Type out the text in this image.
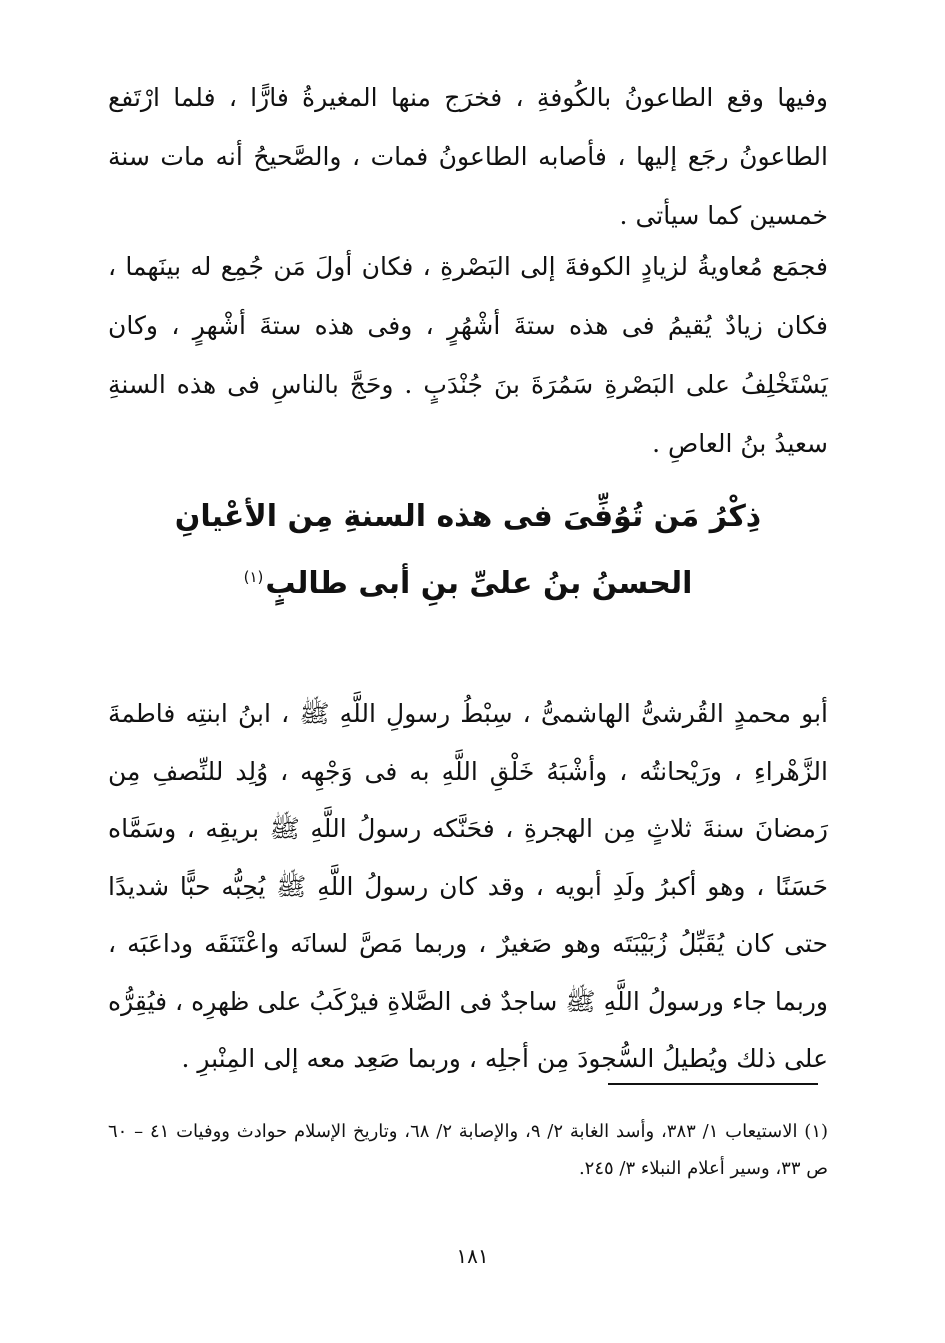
وفيها وقع الطاعونُ بالكُوفةِ ، فخرَج منها المغيرةُ فارًّا ، فلما ارْتَفع الطاعونُ رجَع إليها ، فأصابه الطاعونُ فمات ، والصَّحيحُ أنه مات سنة خمسين كما سيأتى .

فجمَع مُعاويةُ لزيادٍ الكوفةَ إلى البَصْرةِ ، فكان أولَ مَن جُمِع له بينَهما ، فكان زيادٌ يُقيمُ فى هذه ستةَ أشْهُرٍ ، وفى هذه ستةَ أشْهرٍ ، وكان يَسْتَخْلِفُ على البَصْرةِ سَمُرَةَ بنَ جُنْدَبٍ . وحَجَّ بالناسِ فى هذه السنةِ سعيدُ بنُ العاصِ .

ذِكْرُ مَن تُوُفِّىَ فى هذه السنةِ مِن الأعْيانِ
الحسنُ بنُ علىِّ بنِ أبى طالبٍ$^{(١)}$

أبو محمدٍ القُرشىُّ الهاشمىُّ ، سِبْطُ رسولِ اللَّهِ ﷺ ، ابنُ ابنتِه فاطمةَ الزَّهْراءِ ، ورَيْحانتُه ، وأشْبَهُ خَلْقِ اللَّهِ به فى وَجْهِه ، وُلِد للنِّصفِ مِن رَمضانَ سنةَ ثلاثٍ مِن الهجرةِ ، فحَنَّكه رسولُ اللَّهِ ﷺ بريقِه ، وسَمَّاه حَسَنًا ، وهو أكبرُ ولَدِ أبويه ، وقد كان رسولُ اللَّهِ ﷺ يُحِبُّه حبًّا شديدًا حتى كان يُقَبِّلُ زُبَيْبَتَه وهو صَغيرٌ ، وربما مَصَّ لسانَه واعْتَنَقَه وداعَبَه ، وربما جاء ورسولُ اللَّهِ ﷺ ساجدٌ فى الصَّلاةِ فيرْكَبُ على ظهرِه ، فيُقِرُّه على ذلك ويُطيلُ السُّجودَ مِن أجلِه ، وربما صَعِد معه إلى المِنْبرِ .

(١) الاستيعاب ١/ ٣٨٣، وأسد الغابة ٢/ ٩، والإصابة ٢/ ٦٨، وتاريخ الإسلام حوادث ووفيات ٤١ – ٦٠ ص ٣٣، وسير أعلام النبلاء ٣/ ٢٤٥.

١٨١
